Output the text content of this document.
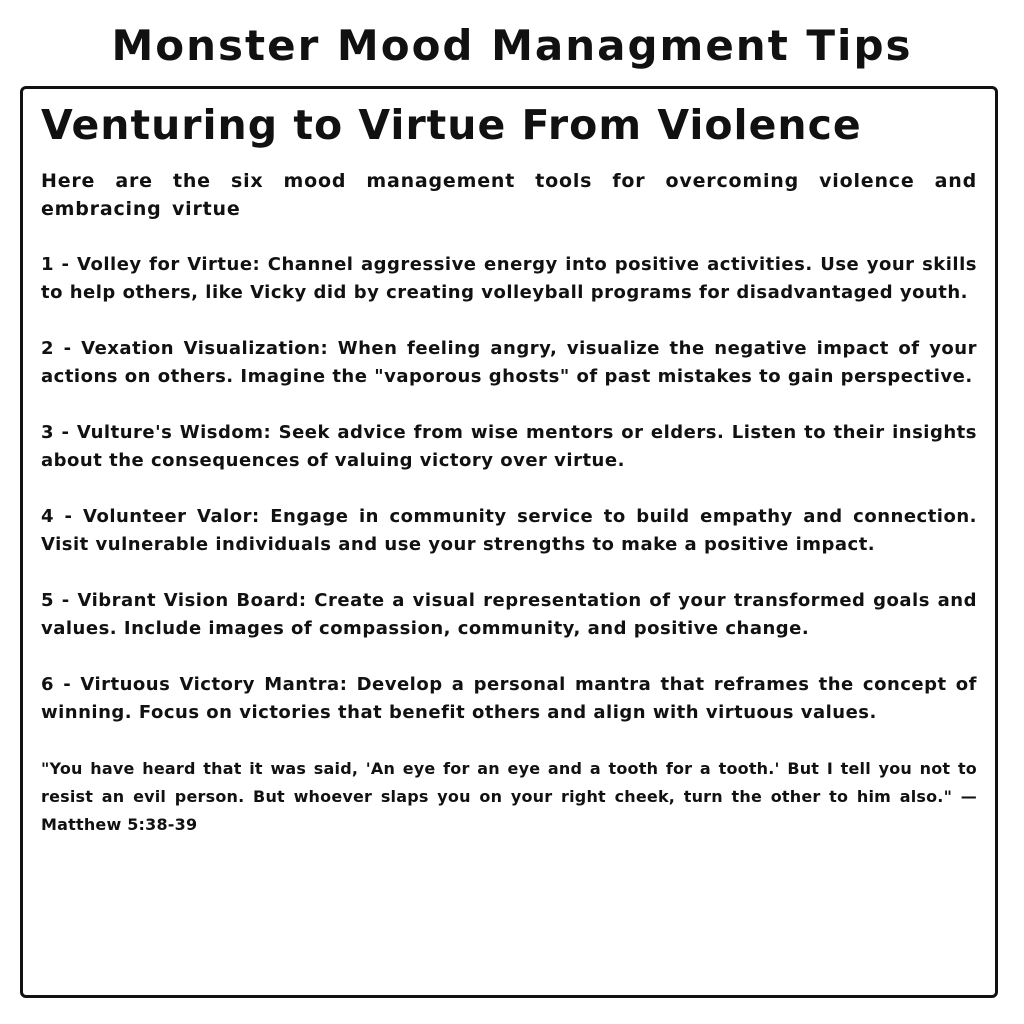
Monster Mood Managment Tips
Venturing to Virtue From Violence

Here are the six mood management tools for overcoming violence and embracing virtue

1 - Volley for Virtue: Channel aggressive energy into positive activities. Use your skills to help others, like Vicky did by creating volleyball programs for disadvantaged youth.

2 - Vexation Visualization: When feeling angry, visualize the negative impact of your actions on others. Imagine the "vaporous ghosts" of past mistakes to gain perspective.

3 - Vulture's Wisdom: Seek advice from wise mentors or elders. Listen to their insights about the consequences of valuing victory over virtue.

4 - Volunteer Valor: Engage in community service to build empathy and connection. Visit vulnerable individuals and use your strengths to make a positive impact.

5 - Vibrant Vision Board: Create a visual representation of your transformed goals and values. Include images of compassion, community, and positive change.

6 - Virtuous Victory Mantra: Develop a personal mantra that reframes the concept of winning. Focus on victories that benefit others and align with virtuous values.

"You have heard that it was said, 'An eye for an eye and a tooth for a tooth.' But I tell you not to resist an evil person. But whoever slaps you on your right cheek, turn the other to him also." — Matthew 5:38-39
